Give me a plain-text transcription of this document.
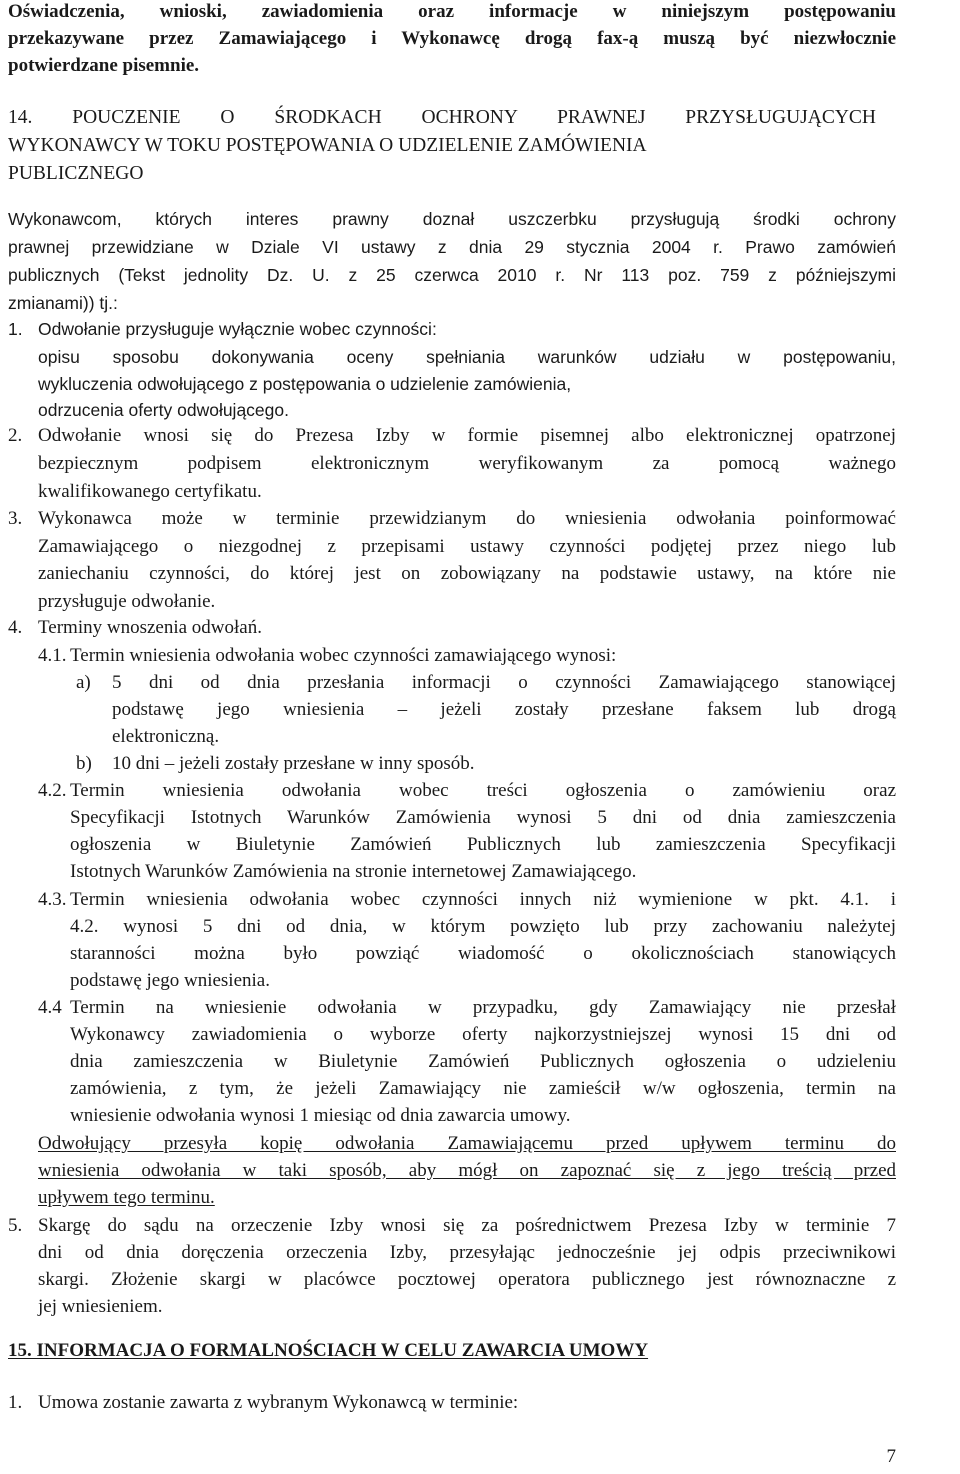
Oświadczenia, wnioski, zawiadomienia oraz informacje w niniejszym postępowaniu
przekazywane przez Zamawiającego i Wykonawcę drogą fax-ą muszą być niezwłocznie
potwierdzane pisemnie.
14. POUCZENIE O ŚRODKACH OCHRONY PRAWNEJ PRZYSŁUGUJĄCYCH
WYKONAWCY W TOKU POSTĘPOWANIA O UDZIELENIE ZAMÓWIENIA
PUBLICZNEGO
Wykonawcom, których interes prawny doznał uszczerbku przysługują środki ochrony
prawnej przewidziane w Dziale VI ustawy z dnia 29 stycznia 2004 r. Prawo zamówień
publicznych (Tekst jednolity Dz. U. z 25 czerwca 2010 r. Nr 113 poz. 759 z późniejszymi
zmianami)) tj.:
1. Odwołanie przysługuje wyłącznie wobec czynności:
opisu sposobu dokonywania oceny spełniania warunków udziału w postępowaniu,
wykluczenia odwołującego z postępowania o udzielenie zamówienia,
odrzucenia oferty odwołującego.
2. Odwołanie wnosi się do Prezesa Izby w formie pisemnej albo elektronicznej opatrzonej
bezpiecznym podpisem elektronicznym weryfikowanym za pomocą ważnego
kwalifikowanego certyfikatu.
3. Wykonawca może w terminie przewidzianym do wniesienia odwołania poinformować
Zamawiającego o niezgodnej z przepisami ustawy czynności podjętej przez niego lub
zaniechaniu czynności, do której jest on zobowiązany na podstawie ustawy, na które nie
przysługuje odwołanie.
4. Terminy wnoszenia odwołań.
4.1. Termin wniesienia odwołania wobec czynności zamawiającego wynosi:
a) 5 dni od dnia przesłania informacji o czynności Zamawiającego stanowiącej
podstawę jego wniesienia – jeżeli zostały przesłane faksem lub drogą
elektroniczną.
b) 10 dni – jeżeli zostały przesłane w inny sposób.
4.2. Termin wniesienia odwołania wobec treści ogłoszenia o zamówieniu oraz
Specyfikacji Istotnych Warunków Zamówienia wynosi 5 dni od dnia zamieszczenia
ogłoszenia w Biuletynie Zamówień Publicznych lub zamieszczenia Specyfikacji
Istotnych Warunków Zamówienia na stronie internetowej Zamawiającego.
4.3. Termin wniesienia odwołania wobec czynności innych niż wymienione w pkt. 4.1. i
4.2. wynosi 5 dni od dnia, w którym powzięto lub przy zachowaniu należytej
staranności można było powziąć wiadomość o okolicznościach stanowiących
podstawę jego wniesienia.
4.4 Termin na wniesienie odwołania w przypadku, gdy Zamawiający nie przesłał
Wykonawcy zawiadomienia o wyborze oferty najkorzystniejszej wynosi 15 dni od
dnia zamieszczenia w Biuletynie Zamówień Publicznych ogłoszenia o udzieleniu
zamówienia, z tym, że jeżeli Zamawiający nie zamieścił w/w ogłoszenia, termin na
wniesienie odwołania wynosi 1 miesiąc od dnia zawarcia umowy.
Odwołujący przesyła kopię odwołania Zamawiającemu przed upływem terminu do
wniesienia odwołania w taki sposób, aby mógł on zapoznać się z jego treścią przed
upływem tego terminu.
5. Skargę do sądu na orzeczenie Izby wnosi się za pośrednictwem Prezesa Izby w terminie 7
dni od dnia doręczenia orzeczenia Izby, przesyłając jednocześnie jej odpis przeciwnikowi
skargi. Złożenie skargi w placówce pocztowej operatora publicznego jest równoznaczne z
jej wniesieniem.
15. INFORMACJA O FORMALNOŚCIACH W CELU ZAWARCIA UMOWY
1. Umowa zostanie zawarta z wybranym Wykonawcą w terminie:
7
